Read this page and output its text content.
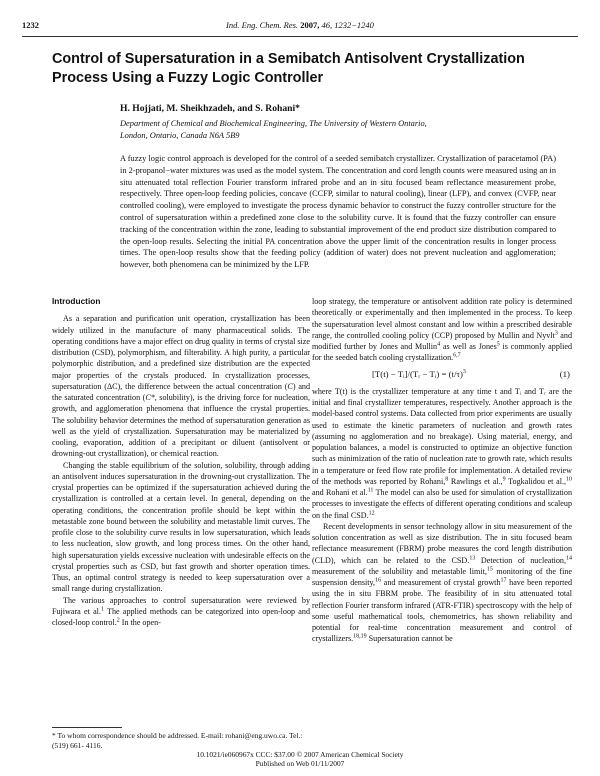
1232	Ind. Eng. Chem. Res. 2007, 46, 1232−1240
Control of Supersaturation in a Semibatch Antisolvent Crystallization Process Using a Fuzzy Logic Controller

H. Hojjati, M. Sheikhzadeh, and S. Rohani*

Department of Chemical and Biochemical Engineering, The University of Western Ontario, London, Ontario, Canada N6A 5B9

A fuzzy logic control approach is developed for the control of a seeded semibatch crystallizer. Crystallization of paracetamol (PA) in 2-propanol−water mixtures was used as the model system. The concentration and cord length counts were measured using an in situ attenuated total reflection Fourier transform infrared probe and an in situ focused beam reflectance measurement probe, respectively. Three open-loop feeding policies, concave (CCFP, similar to natural cooling), linear (LFP), and convex (CVFP, near controlled cooling), were employed to investigate the process dynamic behavior to construct the fuzzy controller structure for the control of supersaturation within a predefined zone close to the solubility curve. It is found that the fuzzy controller can ensure tracking of the concentration within the zone, leading to substantial improvement of the end product size distribution compared to the open-loop results. Selecting the initial PA concentration above the upper limit of the concentration results in longer process times. The open-loop results show that the feeding policy (addition of water) does not prevent nucleation and agglomeration; however, both phenomena can be minimized by the LFP.

Introduction

As a separation and purification unit operation, crystallization has been widely utilized in the manufacture of many pharmaceutical solids. The operating conditions have a major effect on drug quality in terms of crystal size distribution (CSD), polymorphism, and filterability. A high purity, a particular polymorphic distribution, and a predefined size distribution are the expected major properties of the crystals produced. In crystallization processes, supersaturation (ΔC), the difference between the actual concentration (C) and the saturated concentration (C*, solubility), is the driving force for nucleation, growth, and agglomeration phenomena that influence the crystal properties. The solubility behavior determines the method of supersaturation generation as well as the yield of crystallization. Supersaturation may be materialized by cooling, evaporation, addition of a precipitant or diluent (antisolvent or drowning-out crystallization), or chemical reaction.

Changing the stable equilibrium of the solution, solubility, through adding an antisolvent induces supersaturation in the drowning-out crystallization. The crystal properties can be optimized if the supersaturation achieved during the crystallization is controlled at a certain level. In general, depending on the operating conditions, the concentration profile should be kept within the metastable zone bound between the solubility and metastable limit curves. The profile close to the solubility curve results in low supersaturation, which leads to less nucleation, slow growth, and long process times. On the other hand, high supersaturation yields excessive nucleation with undesirable effects on the crystal properties such as CSD, but fast growth and shorter operation times. Thus, an optimal control strategy is needed to keep supersaturation over a small range during crystallization.

The various approaches to control supersaturation were reviewed by Fujiwara et al.$^1$ The applied methods can be categorized into open-loop and closed-loop control.$^2$ In the open-

loop strategy, the temperature or antisolvent addition rate policy is determined theoretically or experimentally and then implemented in the process. To keep the supersaturation level almost constant and low within a prescribed desirable range, the controlled cooling policy (CCP) proposed by Mullin and Nyvlt$^3$ and modified further by Jones and Mullin$^4$ as well as Jones$^5$ is commonly applied for the seeded batch cooling crystallization.$^{6,7}$

[T(t) − Tᵢ]/(Tᵣ − Tᵢ) = $(t/\tau)^3$	(1)

where T(t) is the crystallizer temperature at any time t and Tᵢ and Tᵣ are the initial and final crystallizer temperatures, respectively. Another approach is the model-based control systems. Data collected from prior experiments are usually used to estimate the kinetic parameters of nucleation and growth rates (assuming no agglomeration and no breakage). Using material, energy, and population balances, a model is constructed to optimize an objective function such as minimization of the ratio of nucleation rate to growth rate, which results in a temperature or feed flow rate profile for implementation. A detailed review of the methods was reported by Rohani,$^8$ Rawlings et al.,$^9$ Togkalidou et al.,$^{10}$ and Rohani et al.$^{11}$ The model can also be used for simulation of crystallization processes to investigate the effects of different operating conditions and scaleup on the final CSD.$^{12}$

Recent developments in sensor technology allow in situ measurement of the solution concentration as well as size distribution. The in situ focused beam reflectance measurement (FBRM) probe measures the cord length distribution (CLD), which can be related to the CSD.$^{13}$ Detection of nucleation,$^{14}$ measurement of the solubility and metastable limit,$^{15}$ monitoring of the fine suspension density,$^{16}$ and measurement of crystal growth$^{17}$ have been reported using the in situ FBRM probe. The feasibility of in situ attenuated total reflection Fourier transform infrared (ATR-FTIR) spectroscopy with the help of some useful mathematical tools, chemometrics, has shown reliability and potential for real-time concentration measurement and control of crystallizers.$^{18,19}$ Supersaturation cannot be

* To whom correspondence should be addressed. E-mail: rohani@eng.uwo.ca. Tel.: (519) 661- 4116.

10.1021/ie060967x CCC: $37.00 © 2007 American Chemical Society
Published on Web 01/11/2007
